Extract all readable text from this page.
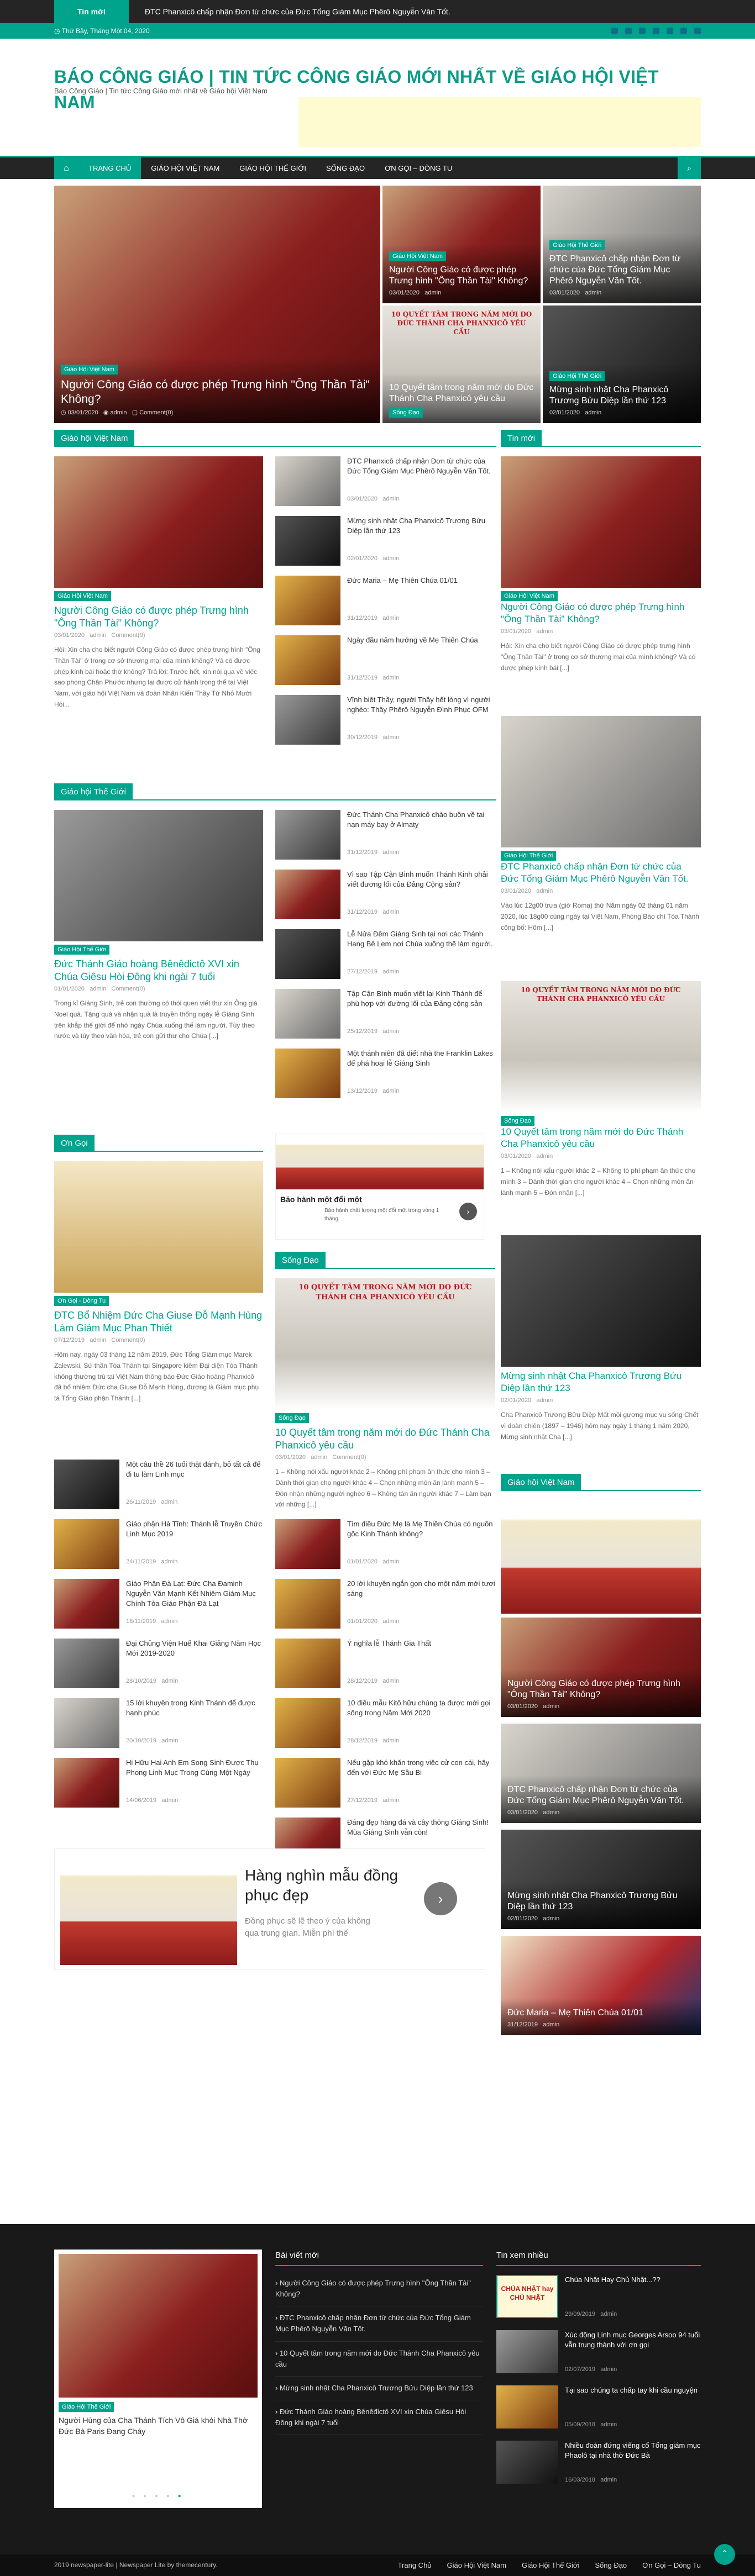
Tin mới	ĐTC Phanxicô chấp nhận Đơn từ chức của Đức Tổng Giám Mục Phêrô Nguyễn Văn Tốt.
◷ Thứ Bảy, Tháng Một 04, 2020
BÁO CÔNG GIÁO | TIN TỨC CÔNG GIÁO MỚI NHẤT VỀ GIÁO HỘI VIỆT NAM
Báo Công Giáo | Tin tức Công Giáo mới nhất về Giáo hội Việt Nam
⌂	TRANG CHỦ	GIÁO HỘI VIỆT NAM	GIÁO HỘI THẾ GIỚI	SỐNG ĐẠO	ƠN GỌI – DÒNG TU	⌕
Giáo Hội Việt Nam
Người Công Giáo có được phép Trưng hình "Ông Thần Tài" Không?
◷ 03/01/2020 ◉ admin ▢ Comment(0)
Giáo Hội Việt Nam
Người Công Giáo có được phép Trưng hình "Ông Thần Tài" Không?
03/01/2020 admin
Giáo Hội Thế Giới
ĐTC Phanxicô chấp nhận Đơn từ chức của Đức Tổng Giám Mục Phêrô Nguyễn Văn Tốt.
03/01/2020 admin
10 QUYẾT TÂM TRONG NĂM MỚI DO ĐỨC THÁNH CHA PHANXICÔ YÊU CẦU
10 Quyết tâm trong năm mới do Đức Thánh Cha Phanxicô yêu cầu
Sống Đạo
Giáo Hội Thế Giới
Mừng sinh nhật Cha Phanxicô Trương Bửu Diệp lần thứ 123
02/01/2020 admin
Giáo hội Việt Nam
Giáo Hội Việt Nam
Người Công Giáo có được phép Trưng hình "Ông Thần Tài" Không?
03/01/2020 admin Comment(0)
Hỏi: Xin cha cho biết người Công Giáo có được phép trưng hình "Ông Thần Tài" ở trong cơ sở thương mại của mình không? Và có được phép kính bái hoặc thờ không? Trả lời: Trước hết, xin nói qua về việc sao phong Chân Phước nhưng lại được cử hành trọng thể tại Việt Nam, với giáo hội Việt Nam và đoàn Nhân Kiến Thầy Từ Nhỏ Mười Hỏi...
ĐTC Phanxicô chấp nhận Đơn từ chức của Đức Tổng Giám Mục Phêrô Nguyễn Văn Tốt.
03/01/2020 admin
Mừng sinh nhật Cha Phanxicô Trương Bửu Diệp lần thứ 123
02/01/2020 admin
Đức Maria – Mẹ Thiên Chúa 01/01
31/12/2019 admin
Ngày đầu năm hướng về Mẹ Thiên Chúa
31/12/2019 admin
Vĩnh biệt Thầy, người Thầy hết lòng vì người nghèo: Thầy Phêrô Nguyễn Đình Phục OFM
30/12/2019 admin
Giáo hội Thế Giới
Giáo Hội Thế Giới
Đức Thánh Giáo hoàng Bênêđictô XVI xin Chúa Giêsu Hòi Đông khi ngài 7 tuổi
01/01/2020 admin Comment(0)
Trong kỉ Giáng Sinh, trẻ con thường có thói quen viết thư xin Ông già Noel quà. Tặng quà và nhận quà là truyền thống ngày lễ Giáng Sinh trên khắp thế giới để nhớ ngày Chúa xuống thế làm người. Tùy theo nước và tùy theo văn hóa, trẻ con gửi thư cho Chúa [...]
Đức Thánh Cha Phanxicô chào buồn về tai nạn máy bay ở Almaty
31/12/2019 admin
Vì sao Tập Cận Bình muốn Thánh Kinh phải viết đương lối của Đảng Cộng sản?
31/12/2019 admin
Lễ Nửa Đêm Giáng Sinh tại nơi các Thánh Hang Bê Lem nơi Chúa xuống thế làm người.
27/12/2019 admin
Tập Cận Bình muốn viết lại Kinh Thánh để phù hợp với đường lối của Đảng cộng sản
25/12/2019 admin
Một thánh niên đã diết nhà the Franklin Lakes để phá hoại lễ Giáng Sinh
13/12/2019 admin
Ơn Gọi
Ơn Gọi - Dòng Tu
ĐTC Bổ Nhiệm Đức Cha Giuse Đỗ Mạnh Hùng Làm Giám Mục Phan Thiết
07/12/2019 admin Comment(0)
Hôm nay, ngày 03 tháng 12 năm 2019, Đức Tổng Giám mục Marek Zalewski, Sứ thần Tòa Thánh tại Singapore kiêm Đại diện Tòa Thánh không thường trú tại Việt Nam thông báo Đức Giáo hoàng Phanxicô đã bổ nhiệm Đức cha Giuse Đỗ Mạnh Hùng, đương là Giám mục phụ tá Tổng Giáo phận Thành [...]
Một câu thề 26 tuổi thật đánh, bỏ tất cả để đi tu làm Linh mục
26/11/2019 admin
Giáo phận Hà Tĩnh: Thánh lễ Truyền Chức Linh Mục 2019
24/11/2019 admin
Giáo Phận Đà Lạt: Đức Cha Đaminh Nguyễn Văn Mạnh Kết Nhiệm Giám Mục Chính Tòa Giáo Phận Đà Lạt
18/11/2019 admin
Đại Chủng Viện Huế Khai Giảng Năm Học Mới 2019-2020
28/10/2019 admin
15 lời khuyên trong Kinh Thánh để được hạnh phúc
20/10/2019 admin
Hi Hữu Hai Anh Em Song Sinh Được Thụ Phong Linh Mục Trong Cùng Một Ngày
14/06/2019 admin
Bảo hành một đổi một
Bảo hành chất lượng một đổi một trong vòng 1 tháng
›
Sống Đạo
10 QUYẾT TÂM TRONG NĂM MỚI DO ĐỨC THÁNH CHA PHANXICÔ YÊU CẦU
Sống Đạo
10 Quyết tâm trong năm mới do Đức Thánh Cha Phanxicô yêu cầu
03/01/2020 admin Comment(0)
1 – Không nói xấu người khác 2 – Không phí phạm ăn thức cho mình 3 – Dành thời gian cho người khác 4 – Chọn những món ăn lành mạnh 5 – Đón nhận những người nghèo 6 – Không tán ăn người khác 7 – Làm bạn với những [...]
Tìm điều Đức Mẹ là Mẹ Thiên Chúa có nguồn gốc Kinh Thánh không?
01/01/2020 admin
20 lời khuyên ngắn gọn cho một năm mới tươi sáng
01/01/2020 admin
Ý nghĩa lễ Thánh Gia Thất
28/12/2019 admin
10 điều mẫu Kitô hữu chúng ta được mời gọi sống trong Năm Mới 2020
28/12/2019 admin
Nếu gặp khó khăn trong việc cử con cái, hãy đến với Đức Mẹ Sầu Bi
27/12/2019 admin
Đáng đẹp hàng đá và cây thông Giáng Sinh! Mùa Giáng Sinh vẫn còn!

Hàng nghìn mẫu đồng phục đẹp
Đồng phục sẽ lẽ theo ý của không qua trung gian. Miễn phí thế
›
Tin mới
Giáo Hội Việt Nam
Người Công Giáo có được phép Trưng hình "Ông Thần Tài" Không?
03/01/2020 admin
Hỏi: Xin cha cho biết người Công Giáo có được phép trưng hình "Ông Thần Tài" ở trong cơ sở thương mại của mình không? Và có được phép kính bái [...]
Giáo Hội Thế Giới
ĐTC Phanxicô chấp nhận Đơn từ chức của Đức Tổng Giám Mục Phêrô Nguyễn Văn Tốt.
03/01/2020 admin
Vào lúc 12g00 trưa (giờ Roma) thứ Năm ngày 02 tháng 01 năm 2020, lúc 18g00 cùng ngày tại Việt Nam, Phòng Báo chí Tòa Thánh công bố: Hôm [...]
10 QUYẾT TÂM TRONG NĂM MỚI DO ĐỨC THÁNH CHA PHANXICÔ YÊU CẦU
Sống Đạo
10 Quyết tâm trong năm mới do Đức Thánh Cha Phanxicô yêu cầu
03/01/2020 admin
1 – Không nói xấu người khác 2 – Không tò phí phạm ăn thức cho mình 3 – Dành thời gian cho người khác 4 – Chọn những món ăn lành mạnh 5 – Đón nhận [...]
Mừng sinh nhật Cha Phanxicô Trương Bửu Diệp lần thứ 123
02/01/2020 admin
Cha Phanxicô Trương Bửu Diệp Mất mồi gương mục vụ sống Chết vì đoàn chiên (1897 – 1946) hôm nay ngày 1 tháng 1 năm 2020, Mừng sinh nhật Cha [...]
Giáo hội Việt Nam
Người Công Giáo có được phép Trưng hình "Ông Thần Tài" Không?
03/01/2020 admin
ĐTC Phanxicô chấp nhận Đơn từ chức của Đức Tổng Giám Mục Phêrô Nguyễn Văn Tốt.
03/01/2020 admin
Mừng sinh nhật Cha Phanxicô Trương Bửu Diệp lần thứ 123
02/01/2020 admin
Đức Maria – Mẹ Thiên Chúa 01/01
31/12/2019 admin
Giáo Hội Thế Giới
Người Hùng của Cha Thánh Tích Vô Giá khỏi Nhà Thờ Đức Bà Paris Đang Cháy
● ● ● ● ●
Bài viết mới
› Người Công Giáo có được phép Trưng hình "Ông Thần Tài" Không?
› ĐTC Phanxicô chấp nhận Đơn từ chức của Đức Tổng Giám Mục Phêrô Nguyễn Văn Tốt.
› 10 Quyết tâm trong năm mới do Đức Thánh Cha Phanxicô yêu cầu
› Mừng sinh nhật Cha Phanxicô Trương Bửu Diệp lần thứ 123
› Đức Thánh Giáo hoàng Bênêđictô XVI xin Chúa Giêsu Hòi Đông khi ngài 7 tuổi
Tin xem nhiều
CHÚA NHẬT hay CHỦ NHẬT
Chúa Nhật Hay Chủ Nhật...??
29/09/2019 admin
Xúc động Linh mục Georges Arsoo 94 tuổi vẫn trung thành với ơn gọi
02/07/2019 admin
Tại sao chúng ta chấp tay khi cầu nguyện
05/09/2018 admin
Nhiều đoàn đứng viếng cố Tổng giám mục Phaolô tại nhà thờ Đức Bà
16/03/2018 admin
2019 newspaper-lite | Newspaper Lite by themecentury.	Trang Chủ Giáo Hội Việt Nam Giáo Hội Thế Giới Sống Đạo Ơn Gọi – Dòng Tu
⌃
